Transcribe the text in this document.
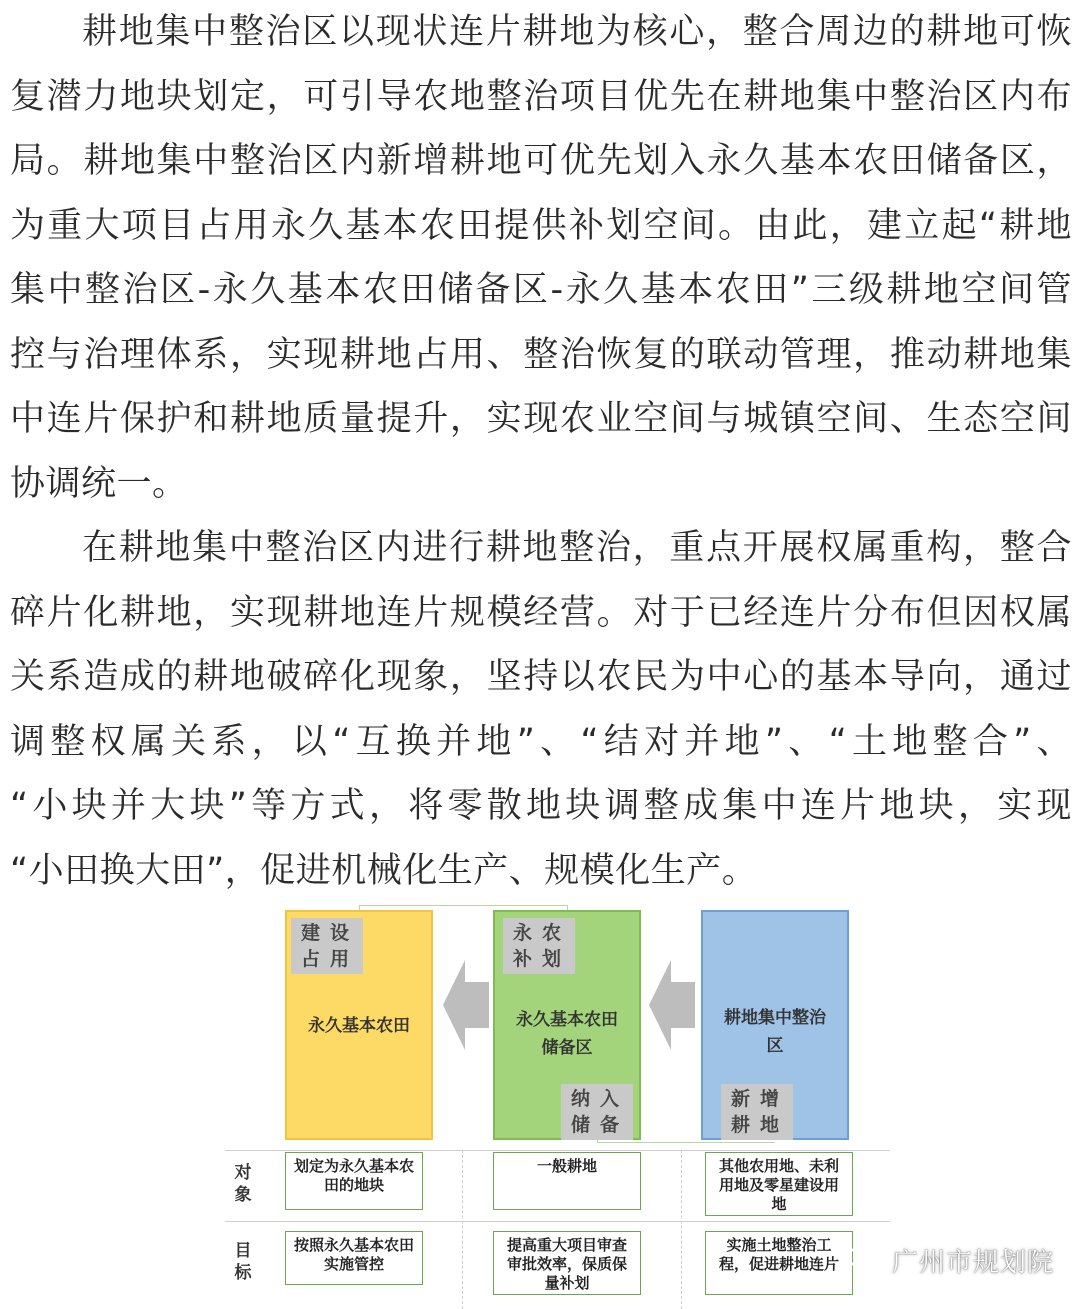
耕地集中整治区以现状连片耕地为核心，整合周边的耕地可恢
复潜力地块划定，可引导农地整治项目优先在耕地集中整治区内布
局。耕地集中整治区内新增耕地可优先划入永久基本农田储备区，
为重大项目占用永久基本农田提供补划空间。由此，建立起“耕地
集中整治区-永久基本农田储备区-永久基本农田”三级耕地空间管
控与治理体系，实现耕地占用、整治恢复的联动管理，推动耕地集
中连片保护和耕地质量提升，实现农业空间与城镇空间、生态空间
协调统一。
在耕地集中整治区内进行耕地整治，重点开展权属重构，整合
碎片化耕地，实现耕地连片规模经营。对于已经连片分布但因权属
关系造成的耕地破碎化现象，坚持以农民为中心的基本导向，通过
调整权属关系，以“互换并地”、“结对并地”、“土地整合”、
“小块并大块”等方式，将零散地块调整成集中连片地块，实现
“小田换大田”，促进机械化生产、规模化生产。
建设占用
永久基本农田
永农补划
永久基本农田
储备区
纳入储备
耕地集中整治
区
新增耕地
对象
划定为永久基本农田的地块
一般耕地	其他农用地、未利用地及零星建设用地
目标
按照永久基本农田实施管控
提高重大项目审查审批效率，保质保量补划
实施土地整治工程，促进耕地连片	广州市规划院
